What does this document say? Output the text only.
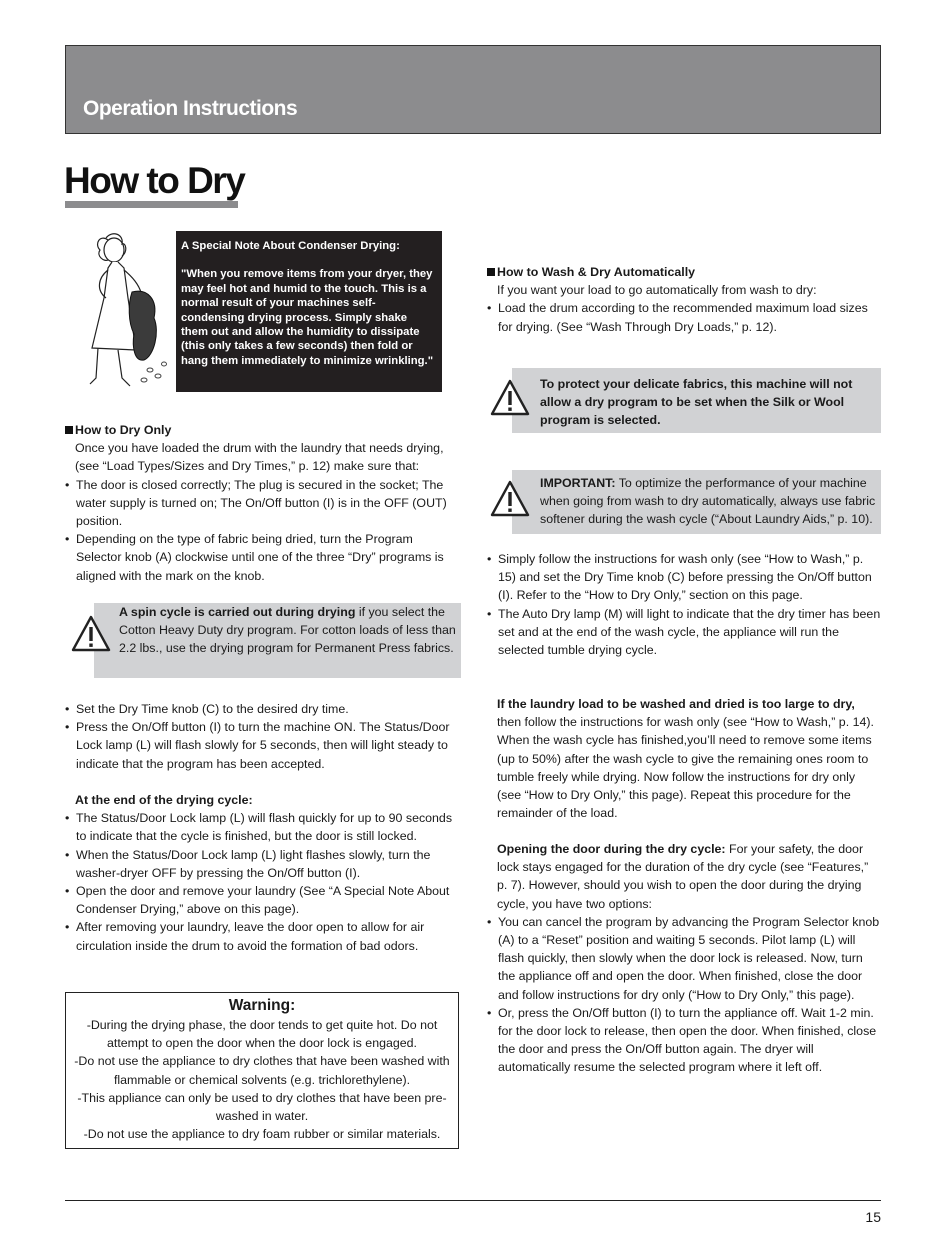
Operation Instructions
How to Dry

A Special Note About Condenser Drying:

"When you remove items from your dryer, they may feel hot and humid to the touch. This is a normal result of your machines self-condensing drying process. Simply shake them out and allow the humidity to dissipate (this only takes a few seconds) then fold or hang them immediately to minimize wrinkling."

How to Dry Only

Once you have loaded the drum with the laundry that needs drying, (see “Load Types/Sizes and Dry Times,” p. 12) make sure that:

• The door is closed correctly; The plug is secured in the socket; The water supply is turned on; The On/Off button (I) is in the OFF (OUT) position.
• Depending on the type of fabric being dried, turn the Program Selector knob (A) clockwise until one of the three “Dry” programs is aligned with the mark on the knob.
A spin cycle is carried out during drying if you select the Cotton Heavy Duty dry program. For cotton loads of less than 2.2 lbs., use the drying program for Permanent Press fabrics.
• Set the Dry Time knob (C) to the desired dry time.
• Press the On/Off button (I) to turn the machine ON. The Status/Door Lock lamp (L) will flash slowly for 5 seconds, then will light steady to indicate that the program has been accepted.

At the end of the drying cycle:

• The Status/Door Lock lamp (L) will flash quickly for up to 90 seconds to indicate that the cycle is finished, but the door is still locked.
• When the Status/Door Lock lamp (L) light flashes slowly, turn the washer-dryer OFF by pressing the On/Off button (I).
• Open the door and remove your laundry (See “A Special Note About Condenser Drying,” above on this page).
• After removing your laundry, leave the door open to allow for air circulation inside the drum to avoid the formation of bad odors.

Warning:

-During the drying phase, the door tends to get quite hot. Do not attempt to open the door when the door lock is engaged.

-Do not use the appliance to dry clothes that have been washed with flammable or chemical solvents (e.g. trichlorethylene).

-This appliance can only be used to dry clothes that have been pre-washed in water.

-Do not use the appliance to dry foam rubber or similar materials.

How to Wash & Dry Automatically

If you want your load to go automatically from wash to dry:

• Load the drum according to the recommended maximum load sizes for drying. (See “Wash Through Dry Loads,” p. 12).
To protect your delicate fabrics, this machine will not allow a dry program to be set when the Silk or Wool program is selected.
IMPORTANT: To optimize the performance of your machine when going from wash to dry automatically, always use fabric softener during the wash cycle (“About Laundry Aids,” p. 10).
• Simply follow the instructions for wash only (see “How to Wash,” p. 15) and set the Dry Time knob (C) before pressing the On/Off button (I). Refer to the “How to Dry Only,” section on this page.
• The Auto Dry lamp (M) will light to indicate that the dry timer has been set and at the end of the wash cycle, the appliance will run the selected tumble drying cycle.

If the laundry load to be washed and dried is too large to dry, then follow the instructions for wash only (see “How to Wash,” p. 14). When the wash cycle has finished,you’ll need to remove some items (up to 50%) after the wash cycle to give the remaining ones room to tumble freely while drying. Now follow the instructions for dry only (see “How to Dry Only,” this page). Repeat this procedure for the remainder of the load.

Opening the door during the dry cycle: For your safety, the door lock stays engaged for the duration of the dry cycle (see “Features,” p. 7). However, should you wish to open the door during the drying cycle, you have two options:

• You can cancel the program by advancing the Program Selector knob (A) to a “Reset” position and waiting 5 seconds. Pilot lamp (L) will flash quickly, then slowly when the door lock is released. Now, turn the appliance off and open the door. When finished, close the door and follow instructions for dry only (“How to Dry Only,” this page).
• Or, press the On/Off button (I) to turn the appliance off. Wait 1-2 min. for the door lock to release, then open the door. When finished, close the door and press the On/Off button again. The dryer will automatically resume the selected program where it left off.
15
